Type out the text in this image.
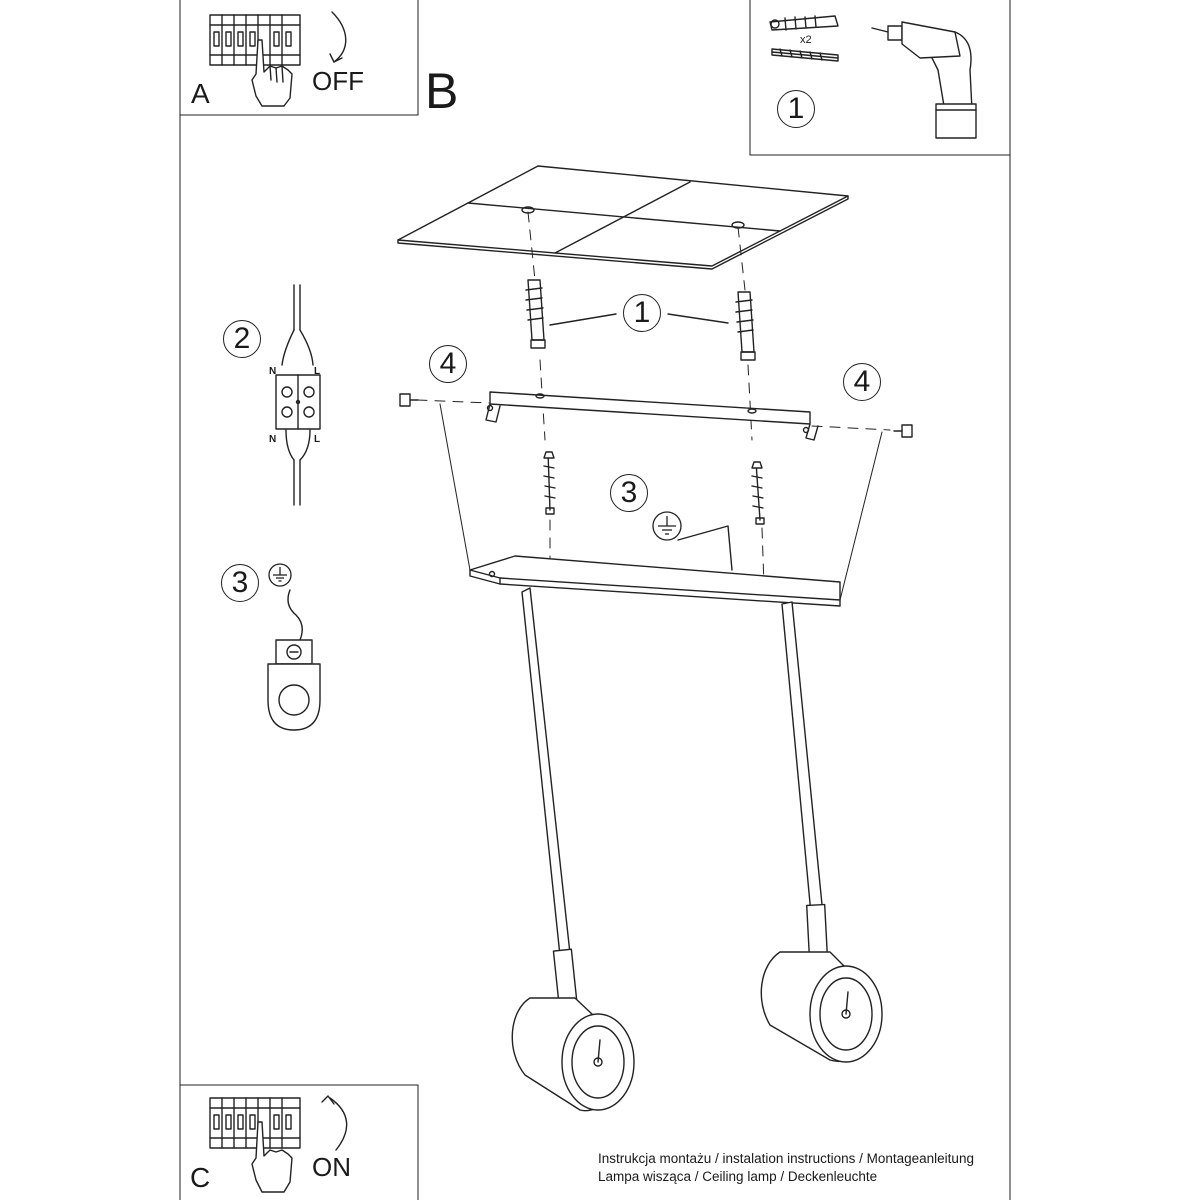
A	OFF B
C	ON
x2
1
1
2
4
4
3
3
N	L
N	L
Instrukcja montażu / instalation instructions / Montageanleitung
Lampa wisząca / Ceiling lamp / Deckenleuchte
